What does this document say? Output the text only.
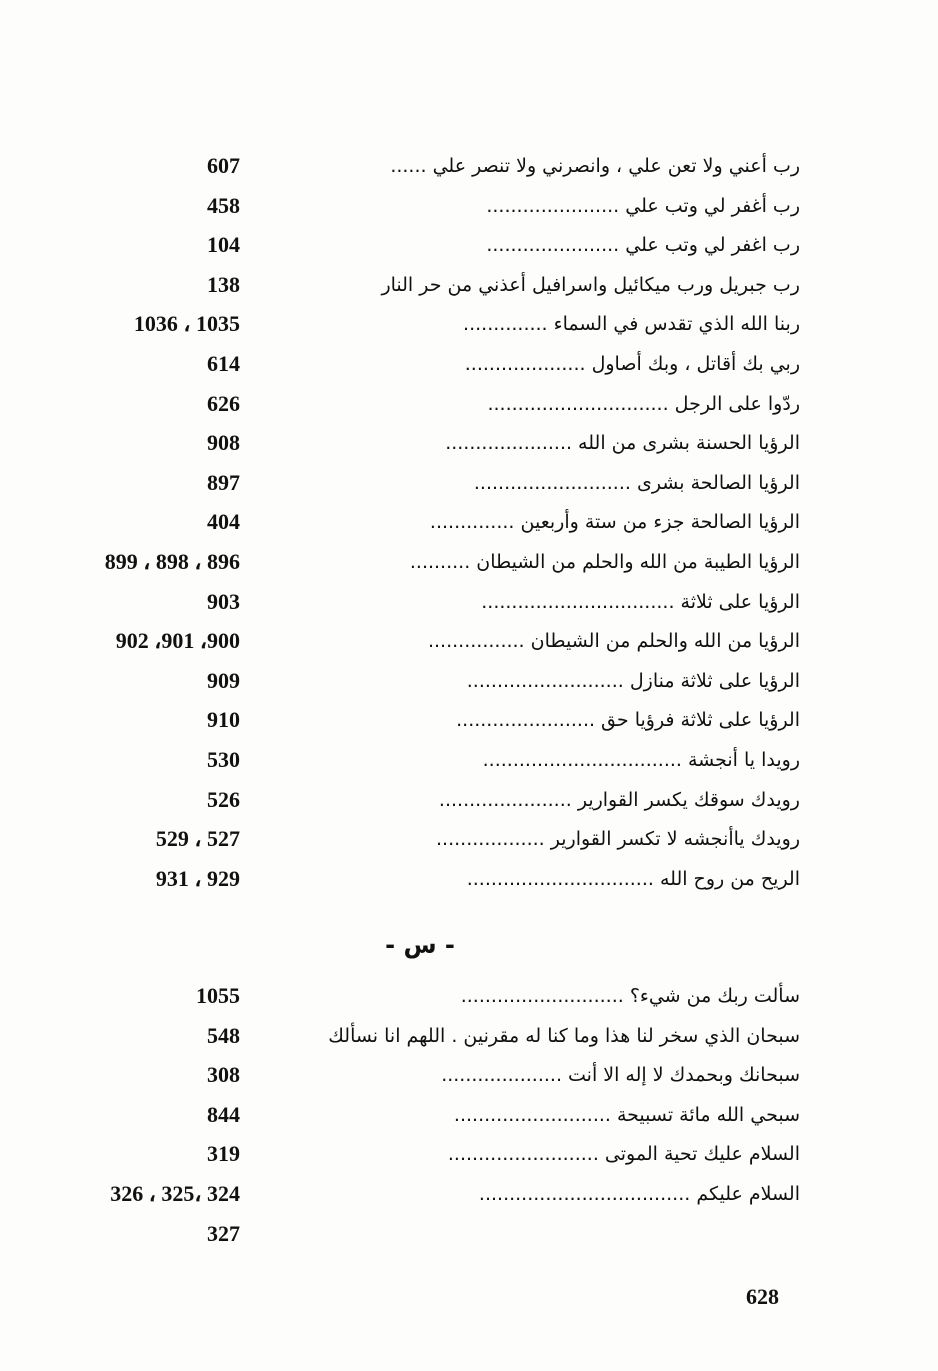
607	رب أعني ولا تعن علي ، وانصرني ولا تنصر علي ......
458	رب أغفر لي وتب علي ......................
104	رب اغفر لي وتب علي ......................
138	رب جبريل ورب ميكائيل واسرافيل أعذني من حر النار
1036 ، 1035	ربنا الله الذي تقدس في السماء ..............
614	ربي بك أقاتل ، وبك أصاول ....................
626	ردّوا على الرجل ..............................
908	الرؤيا الحسنة بشرى من الله .....................
897	الرؤيا الصالحة بشرى ..........................
404	الرؤيا الصالحة جزء من ستة وأربعين ..............
899 ، 898 ، 896	الرؤيا الطيبة من الله والحلم من الشيطان ..........
903	الرؤيا على ثلاثة ................................
902 ،901 ،900	الرؤيا من الله والحلم من الشيطان ................
909	الرؤيا على ثلاثة منازل ..........................
910	الرؤيا على ثلاثة فرؤيا حق .......................
530	رويدا يا أنجشة .................................
526	رويدك سوقك يكسر القوارير ......................
529 ، 527	رويدك ياأنجشه لا تكسر القوارير ..................
931 ، 929	الريح من روح الله ...............................
- س -
1055	سألت ربك من شيء؟ ...........................
548	سبحان الذي سخر لنا هذا وما كنا له مقرنين . اللهم انا نسألك
308	سبحانك وبحمدك لا إله الا أنت ....................
844	سبحي الله مائة تسبيحة ..........................
319	السلام عليك تحية الموتى .........................
326 ، 325، 324	السلام عليكم ...................................
327
628
